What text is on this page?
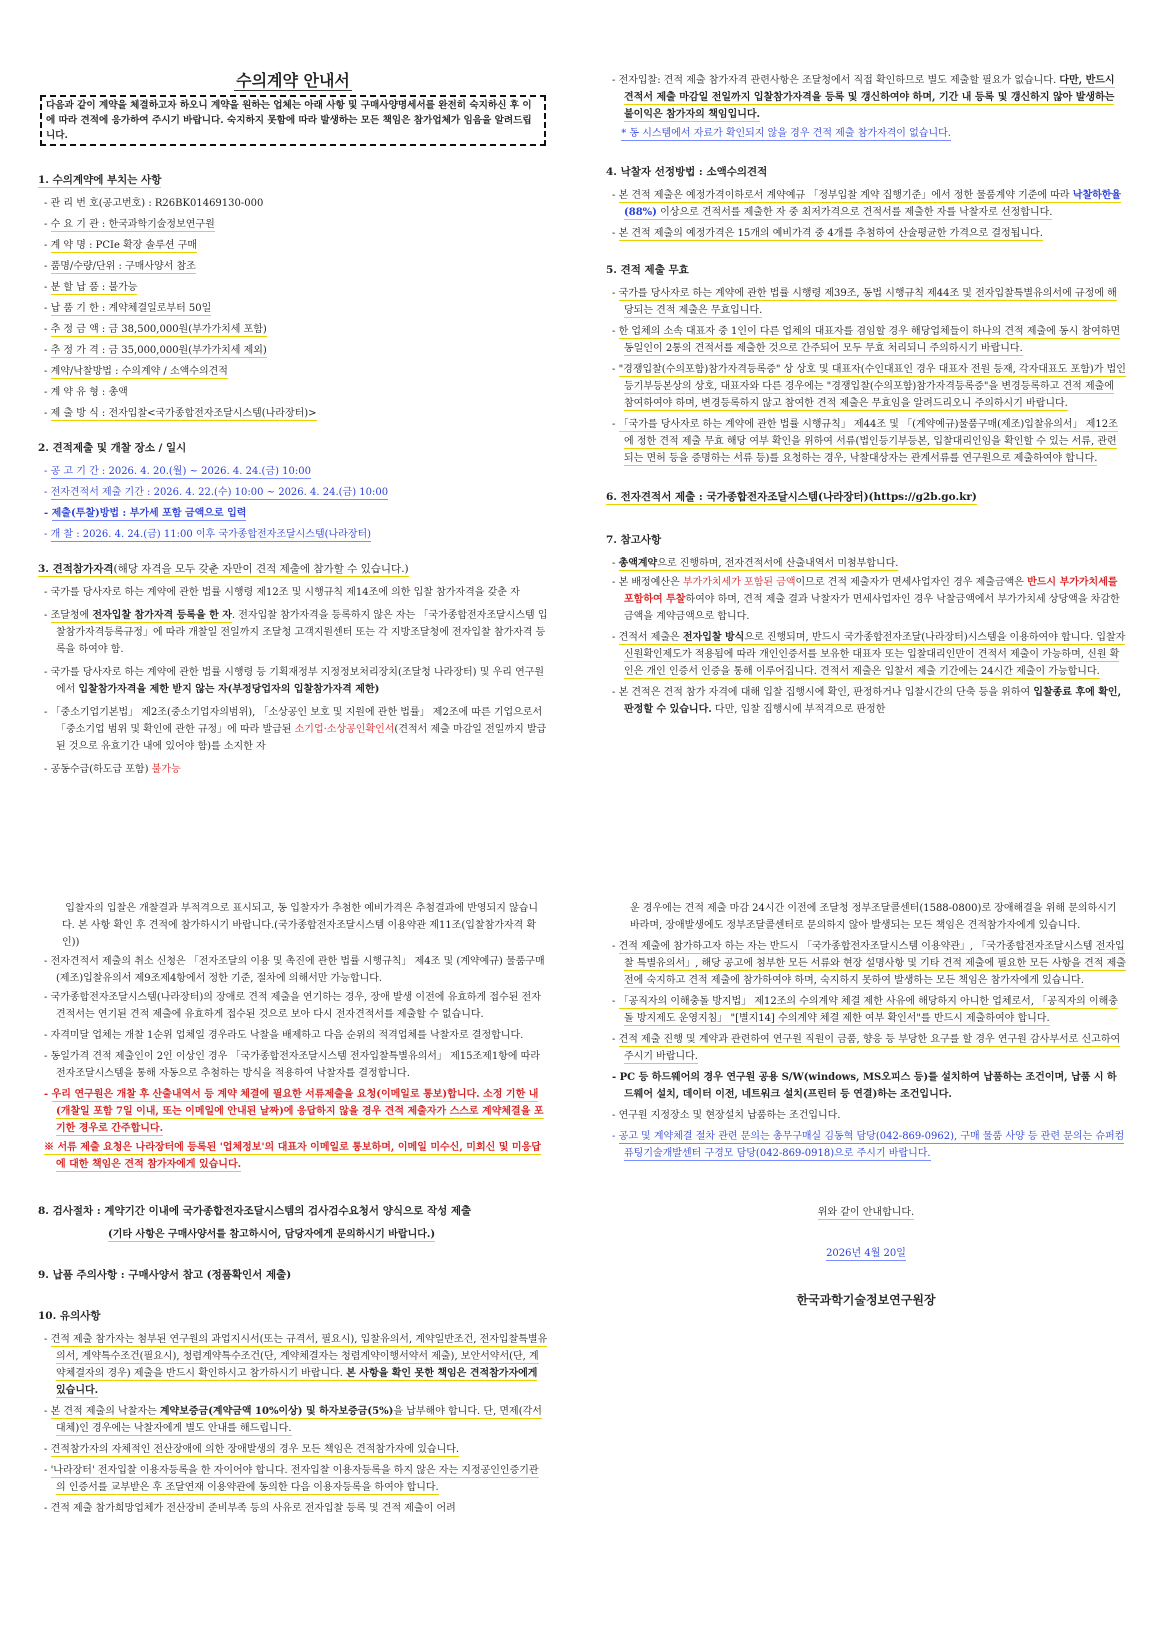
수의계약 안내서
다음과 같이 계약을 체결하고자 하오니 계약을 원하는 업체는 아래 사항 및 구매사양명세서를 완전히 숙지하신 후 이에 따라 견적에 응가하여 주시기 바랍니다. 숙지하지 못함에 따라 발생하는 모든 책임은 참가업체가 임음을 알려드립니다.
1. 수의계약에 부치는 사항
- 관 리 번 호(공고번호) : R26BK01469130-000
- 수 요 기 관 : 한국과학기술정보연구원
- 계 약 명 : PCIe 확장 솔루션 구매
- 품명/수량/단위 : 구매사양서 참조
- 분 할 납 품 : 불가능
- 납 품 기 한 : 계약체결일로부터 50일
- 추 정 금 액 : 금 38,500,000원(부가가치세 포함)
- 추 정 가 격 : 금 35,000,000원(부가가치세 제외)
- 계약/낙찰방법 : 수의계약 / 소액수의견적
- 계 약 유 형 : 총액
- 제 출 방 식 : 전자입찰<국가종합전자조달시스템(나라장터)>
2. 견적제출 및 개찰 장소 / 일시
- 공 고 기 간 : 2026. 4. 20.(월) ~ 2026. 4. 24.(금) 10:00
- 전자견적서 제출 기간 : 2026. 4. 22.(수) 10:00 ~ 2026. 4. 24.(금) 10:00
- 제출(투찰)방법 : 부가세 포함 금액으로 입력
- 개 찰 : 2026. 4. 24.(금) 11:00 이후 국가종합전자조달시스템(나라장터)
3. 견적참가자격(해당 자격을 모두 갖춘 자만이 견적 제출에 참가할 수 있습니다.)
- 국가를 당사자로 하는 계약에 관한 법률 시행령 제12조 및 시행규칙 제14조에 의한 입찰 참가자격을 갖춘 자
- 조달청에 전자입찰 참가자격 등록을 한 자. 전자입찰 참가자격을 등록하지 않은 자는 「국가종합전자조달시스템 입찰참가자격등록규정」에 따라 개찰일 전일까지 조달청 고객지원센터 또는 각 지방조달청에 전자입찰 참가자격 등록을 하여야 함.
- 국가를 당사자로 하는 계약에 관한 법률 시행령 등 기획재정부 지정정보처리장치(조달청 나라장터) 및 우리 연구원에서 입찰참가자격을 제한 받지 않는 자(부정당업자의 입찰참가자격 제한)
- 「중소기업기본법」 제2조(중소기업자의범위), 「소상공인 보호 및 지원에 관한 법률」 제2조에 따른 기업으로서 「중소기업 범위 및 확인에 관한 규정」에 따라 발급된 소기업·소상공인확인서(견적서 제출 마감일 전일까지 발급된 것으로 유효기간 내에 있어야 함)를 소지한 자
- 공동수급(하도급 포함) 불가능
- 전자입찰: 견적 제출 참가자격 관련사항은 조달청에서 직접 확인하므로 별도 제출할 필요가 없습니다. 다만, 반드시 견적서 제출 마감일 전일까지 입찰참가자격을 등록 및 갱신하여야 하며, 기간 내 등록 및 갱신하지 않아 발생하는 불이익은 참가자의 책임입니다.
* 동 시스템에서 자료가 확인되지 않을 경우 견적 제출 참가자격이 없습니다.
4. 낙찰자 선정방법 : 소액수의견적
- 본 견적 제출은 예정가격이하로서 계약예규 「정부입찰 계약 집행기준」에서 정한 물품계약 기준에 따라 낙찰하한율(88%) 이상으로 견적서를 제출한 자 중 최저가격으로 견적서를 제출한 자를 낙찰자로 선정합니다.
- 본 견적 제출의 예정가격은 15개의 예비가격 중 4개를 추첨하여 산술평균한 가격으로 결정됩니다.
5. 견적 제출 무효
- 국가를 당사자로 하는 계약에 관한 법률 시행령 제39조, 동법 시행규칙 제44조 및 전자입찰특별유의서에 규정에 해당되는 견적 제출은 무효입니다.
- 한 업체의 소속 대표자 중 1인이 다른 업체의 대표자를 겸임할 경우 해당업체들이 하나의 견적 제출에 동시 참여하면 동일인이 2통의 견적서를 제출한 것으로 간주되어 모두 무효 처리되니 주의하시기 바랍니다.
- "경쟁입찰(수의포함)참가자격등록증" 상 상호 및 대표자(수인대표인 경우 대표자 전원 등재, 각자대표도 포함)가 법인등기부등본상의 상호, 대표자와 다른 경우에는 "경쟁입찰(수의포함)참가자격등록증"을 변경등록하고 견적 제출에 참여하여야 하며, 변경등록하지 않고 참여한 견적 제출은 무효임을 알려드리오니 주의하시기 바랍니다.
- 「국가를 당사자로 하는 계약에 관한 법률 시행규칙」 제44조 및 「(계약예규)물품구매(제조)입찰유의서」 제12조에 정한 견적 제출 무효 해당 여부 확인을 위하여 서류(법인등기부등본, 입찰대리인임을 확인할 수 있는 서류, 관련되는 면허 등을 증명하는 서류 등)를 요청하는 경우, 낙찰대상자는 관계서류를 연구원으로 제출하여야 합니다.
6. 전자견적서 제출 : 국가종합전자조달시스템(나라장터)(https://g2b.go.kr)
7. 참고사항
- 총액계약으로 진행하며, 전자견적서에 산출내역서 미첨부합니다.
- 본 배정예산은 부가가치세가 포함된 금액이므로 견적 제출자가 면세사업자인 경우 제출금액은 반드시 부가가치세를 포함하여 투찰하여야 하며, 견적 제출 결과 낙찰자가 면세사업자인 경우 낙찰금액에서 부가가치세 상당액을 차감한 금액을 계약금액으로 합니다.
- 견적서 제출은 전자입찰 방식으로 진행되며, 반드시 국가종합전자조달(나라장터)시스템을 이용하여야 합니다. 입찰자 신원확인제도가 적용됨에 따라 개인인증서를 보유한 대표자 또는 입찰대리인만이 견적서 제출이 가능하며, 신원 확인은 개인 인증서 인증을 통해 이루어집니다. 견적서 제출은 입찰서 제출 기간에는 24시간 제출이 가능합니다.
- 본 견적은 견적 참가 자격에 대해 입찰 집행시에 확인, 판정하거나 입찰시간의 단축 등을 위하여 입찰종료 후에 확인, 판정할 수 있습니다. 다만, 입찰 집행시에 부적격으로 판정한
입찰자의 입찰은 개찰결과 부적격으로 표시되고, 동 입찰자가 추첨한 예비가격은 추첨결과에 반영되지 않습니다. 본 사항 확인 후 견적에 참가하시기 바랍니다.(국가종합전자조달시스템 이용약관 제11조(입찰참가자격 확인))
- 전자견적서 제출의 취소 신청은 「전자조달의 이용 및 촉진에 관한 법률 시행규칙」 제4조 및 (계약예규) 물품구매(제조)입찰유의서 제9조제4항에서 정한 기준, 절차에 의해서만 가능합니다.
- 국가종합전자조달시스템(나라장터)의 장애로 견적 제출을 연기하는 경우, 장애 발생 이전에 유효하게 접수된 전자견적서는 연기된 견적 제출에 유효하게 접수된 것으로 보아 다시 전자견적서를 제출할 수 없습니다.
- 자격미달 업체는 개찰 1순위 업체일 경우라도 낙찰을 배제하고 다음 순위의 적격업체를 낙찰자로 결정합니다.
- 동일가격 견적 제출인이 2인 이상인 경우 「국가종합전자조달시스템 전자입찰특별유의서」 제15조제1항에 따라 전자조달시스템을 통해 자동으로 추첨하는 방식을 적용하여 낙찰자를 결정합니다.
- 우리 연구원은 개찰 후 산출내역서 등 계약 체결에 필요한 서류제출을 요청(이메일로 통보)합니다. 소정 기한 내(개찰일 포함 7일 이내, 또는 이메일에 안내된 날짜)에 응답하지 않을 경우 견적 제출자가 스스로 계약체결을 포기한 경우로 간주합니다.
※ 서류 제출 요청은 나라장터에 등록된 '업체정보'의 대표자 이메일로 통보하며, 이메일 미수신, 미회신 및 미응답에 대한 책임은 견적 참가자에게 있습니다.
8. 검사절차 : 계약기간 이내에 국가종합전자조달시스템의 검사검수요청서 양식으로 작성 제출
(기타 사항은 구매사양서를 참고하시어, 담당자에게 문의하시기 바랍니다.)
9. 납품 주의사항 : 구매사양서 참고 (정품확인서 제출)
10. 유의사항
- 견적 제출 참가자는 첨부된 연구원의 과업지시서(또는 규격서, 필요시), 입찰유의서, 계약일반조건, 전자입찰특별유의서, 계약특수조건(필요시), 청렴계약특수조건(단, 계약체결자는 청렴계약이행서약서 제출), 보안서약서(단, 계약체결자의 경우) 제출을 반드시 확인하시고 참가하시기 바랍니다. 본 사항을 확인 못한 책임은 견적참가자에게 있습니다.
- 본 견적 제출의 낙찰자는 계약보증금(계약금액 10%이상) 및 하자보증금(5%)을 납부해야 합니다. 단, 면제(각서 대체)인 경우에는 낙찰자에게 별도 안내를 해드립니다.
- 견적참가자의 자체적인 전산장애에 의한 장애발생의 경우 모든 책임은 견적참가자에 있습니다.
- '나라장터' 전자입찰 이용자등록을 한 자이어야 합니다. 전자입찰 이용자등록을 하지 않은 자는 지정공인인증기관의 인증서를 교부받은 후 조달연재 이용약관에 동의한 다음 이용자등록을 하여야 합니다.
- 견적 제출 참가희망업체가 전산장비 준비부족 등의 사유로 전자입찰 등록 및 견적 제출이 어려
운 경우에는 견적 제출 마감 24시간 이전에 조달청 정부조달콜센터(1588-0800)로 장애해결을 위해 문의하시기 바라며, 장애발생에도 정부조달콜센터로 문의하지 않아 발생되는 모든 책임은 견적참가자에게 있습니다.
- 견적 제출에 참가하고자 하는 자는 반드시 「국가종합전자조달시스템 이용약관」, 「국가종합전자조달시스템 전자입찰 특별유의서」, 해당 공고에 첨부한 모든 서류와 현장 설명사항 및 기타 견적 제출에 필요한 모든 사항을 견적 제출 전에 숙지하고 견적 제출에 참가하여야 하며, 숙지하지 못하여 발생하는 모든 책임은 참가자에게 있습니다.
- 「공직자의 이해충돌 방지법」 제12조의 수의계약 체결 제한 사유에 해당하지 아니한 업체로서, 「공직자의 이해충돌 방지제도 운영지침」 "[별지14] 수의계약 체결 제한 여부 확인서"를 반드시 제출하여야 합니다.
- 견적 제출 진행 및 계약과 관련하여 연구원 직원이 금품, 향응 등 부당한 요구를 할 경우 연구원 감사부서로 신고하여 주시기 바랍니다.
- PC 등 하드웨어의 경우 연구원 공용 S/W(windows, MS오피스 등)를 설치하여 납품하는 조건이며, 납품 시 하드웨어 설치, 데이터 이전, 네트워크 설치(프린터 등 연결)하는 조건입니다.
- 연구원 지정장소 및 현장설치 납품하는 조건입니다.
- 공고 및 계약체결 절차 관련 문의는 총무구매실 김동혁 담당(042-869-0962), 구매 물품 사양 등 관련 문의는 슈퍼컴퓨팅기술개발센터 구경모 담당(042-869-0918)으로 주시기 바랍니다.
위와 같이 안내합니다.
2026년 4월 20일
한국과학기술정보연구원장
